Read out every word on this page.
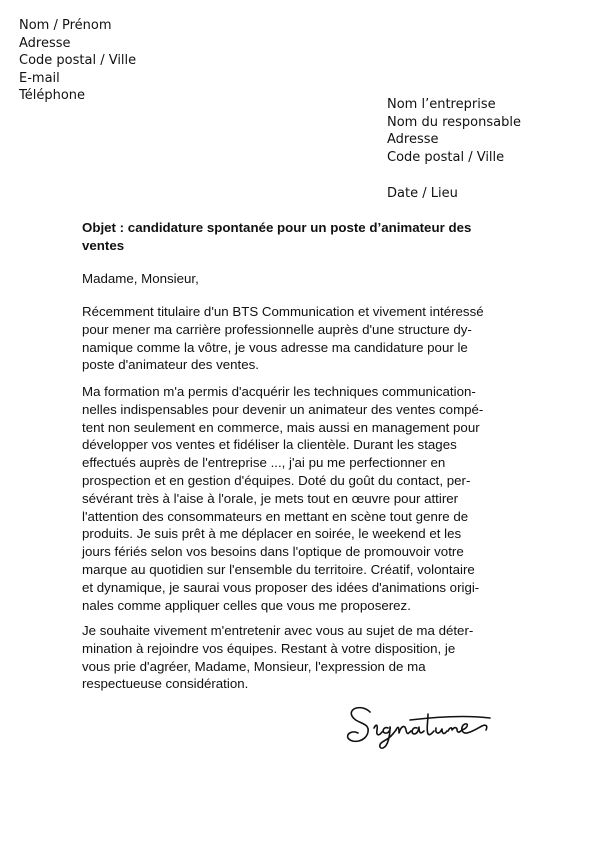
Nom / Prénom
Adresse
Code postal / Ville
E-mail
Téléphone
Nom l’entreprise
Nom du responsable
Adresse
Code postal / Ville
Date / Lieu
Objet : candidature spontanée pour un poste d’animateur des
ventes
Madame, Monsieur,
Récemment titulaire d'un BTS Communication et vivement intéressé
pour mener ma carrière professionnelle auprès d'une structure dy-
namique comme la vôtre, je vous adresse ma candidature pour le
poste d'animateur des ventes.
Ma formation m'a permis d'acquérir les techniques communication-
nelles indispensables pour devenir un animateur des ventes compé-
tent non seulement en commerce, mais aussi en management pour
développer vos ventes et fidéliser la clientèle. Durant les stages
effectués auprès de l'entreprise ..., j'ai pu me perfectionner en
prospection et en gestion d'équipes. Doté du goût du contact, per-
sévérant très à l'aise à l'orale, je mets tout en œuvre pour attirer
l'attention des consommateurs en mettant en scène tout genre de
produits. Je suis prêt à me déplacer en soirée, le weekend et les
jours fériés selon vos besoins dans l'optique de promouvoir votre
marque au quotidien sur l'ensemble du territoire. Créatif, volontaire
et dynamique, je saurai vous proposer des idées d'animations origi-
nales comme appliquer celles que vous me proposerez.
Je souhaite vivement m'entretenir avec vous au sujet de ma déter-
mination à rejoindre vos équipes. Restant à votre disposition, je
vous prie d'agréer, Madame, Monsieur, l'expression de ma
respectueuse considération.
